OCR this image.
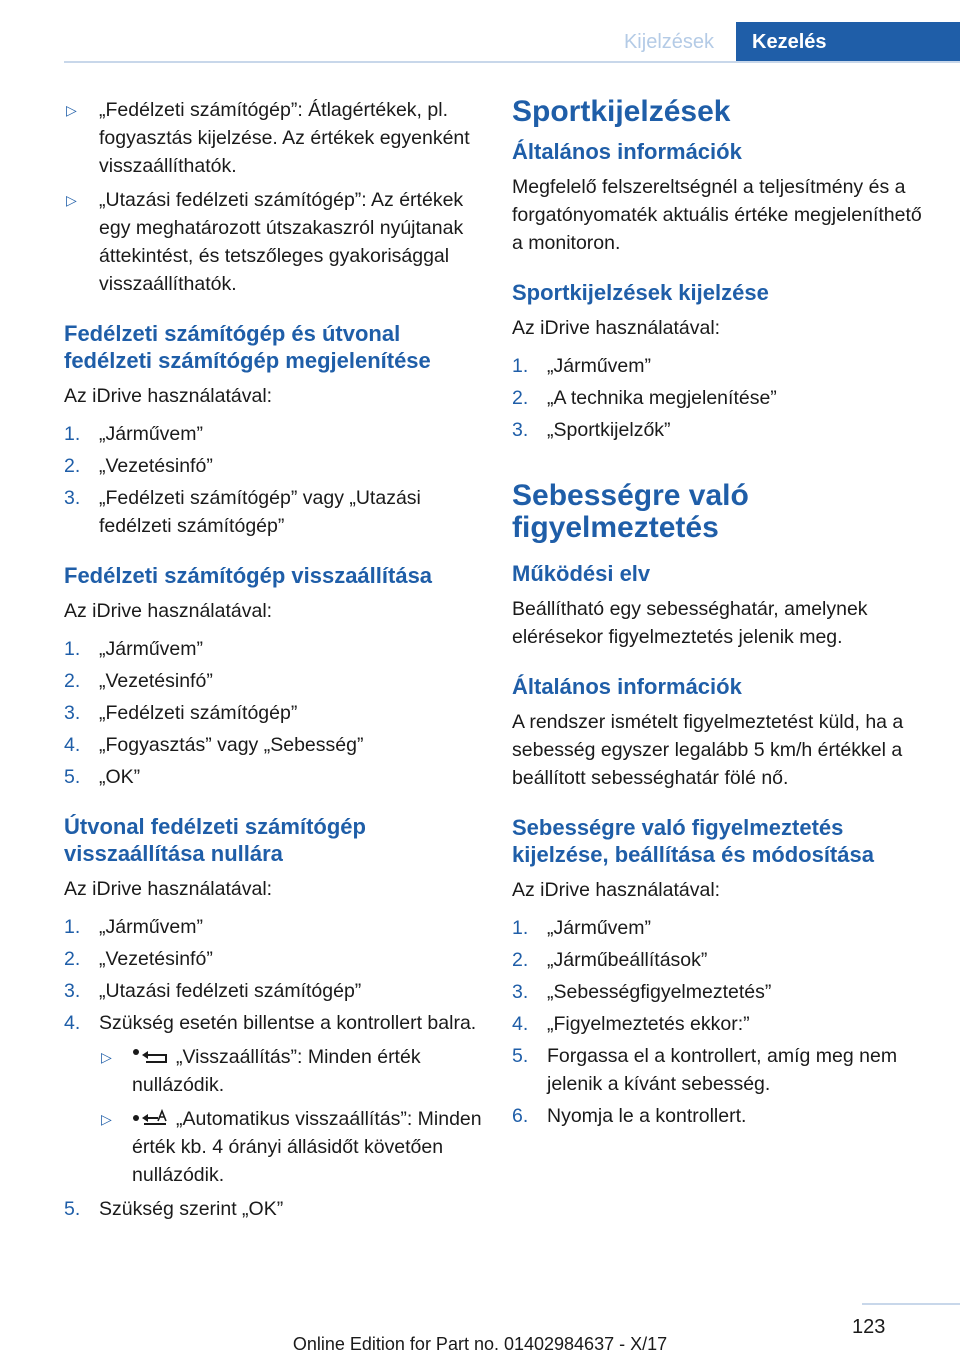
Kijelzések	Kezelés
▷ „Fedélzeti számítógép”: Átlagértékek, pl. fogyasztás kijelzése. Az értékek egyenként visszaállíthatók.
▷ „Utazási fedélzeti számítógép”: Az értékek egy meghatározott útszakaszról nyújtanak áttekintést, és tetszőleges gyakorisággal visszaállíthatók.
Fedélzeti számítógép és útvonal fedélzeti számítógép megjelenítése

Az iDrive használatával:

1. „Járművem”
2. „Vezetésinfó”
3. „Fedélzeti számítógép” vagy „Utazási fedélzeti számítógép”
Fedélzeti számítógép visszaállítása

Az iDrive használatával:

1. „Járművem”
2. „Vezetésinfó”
3. „Fedélzeti számítógép”
4. „Fogyasztás” vagy „Sebesség”
5. „OK”
Útvonal fedélzeti számítógép visszaállítása nullára

Az iDrive használatával:

1. „Járművem”
2. „Vezetésinfó”
3. „Utazási fedélzeti számítógép”
4. Szükség esetén billentse a kontrollert balra.
▷	„Visszaállítás”: Minden érték nullázódik.
▷	„Automatikus visszaállítás”: Minden érték kb. 4 órányi állásidőt követően nullázódik.
5. Szükség szerint „OK”
Sportkijelzések
Általános információk

Megfelelő felszereltségnél a teljesítmény és a forgatónyomaték aktuális értéke megjeleníthető a monitoron.

Sportkijelzések kijelzése

Az iDrive használatával:

1. „Járművem”
2. „A technika megjelenítése”
3. „Sportkijelzők”
Sebességre való figyelmeztetés
Működési elv

Beállítható egy sebességhatár, amelynek elérésekor figyelmeztetés jelenik meg.

Általános információk

A rendszer ismételt figyelmeztetést küld, ha a sebesség egyszer legalább 5 km/h értékkel a beállított sebességhatár fölé nő.

Sebességre való figyelmeztetés kijelzése, beállítása és módosítása

Az iDrive használatával:

1. „Járművem”
2. „Járműbeállítások”
3. „Sebességfigyelmeztetés”
4. „Figyelmeztetés ekkor:”
5. Forgassa el a kontrollert, amíg meg nem jelenik a kívánt sebesség.
6. Nyomja le a kontrollert.
123
Online Edition for Part no. 01402984637 - X/17
